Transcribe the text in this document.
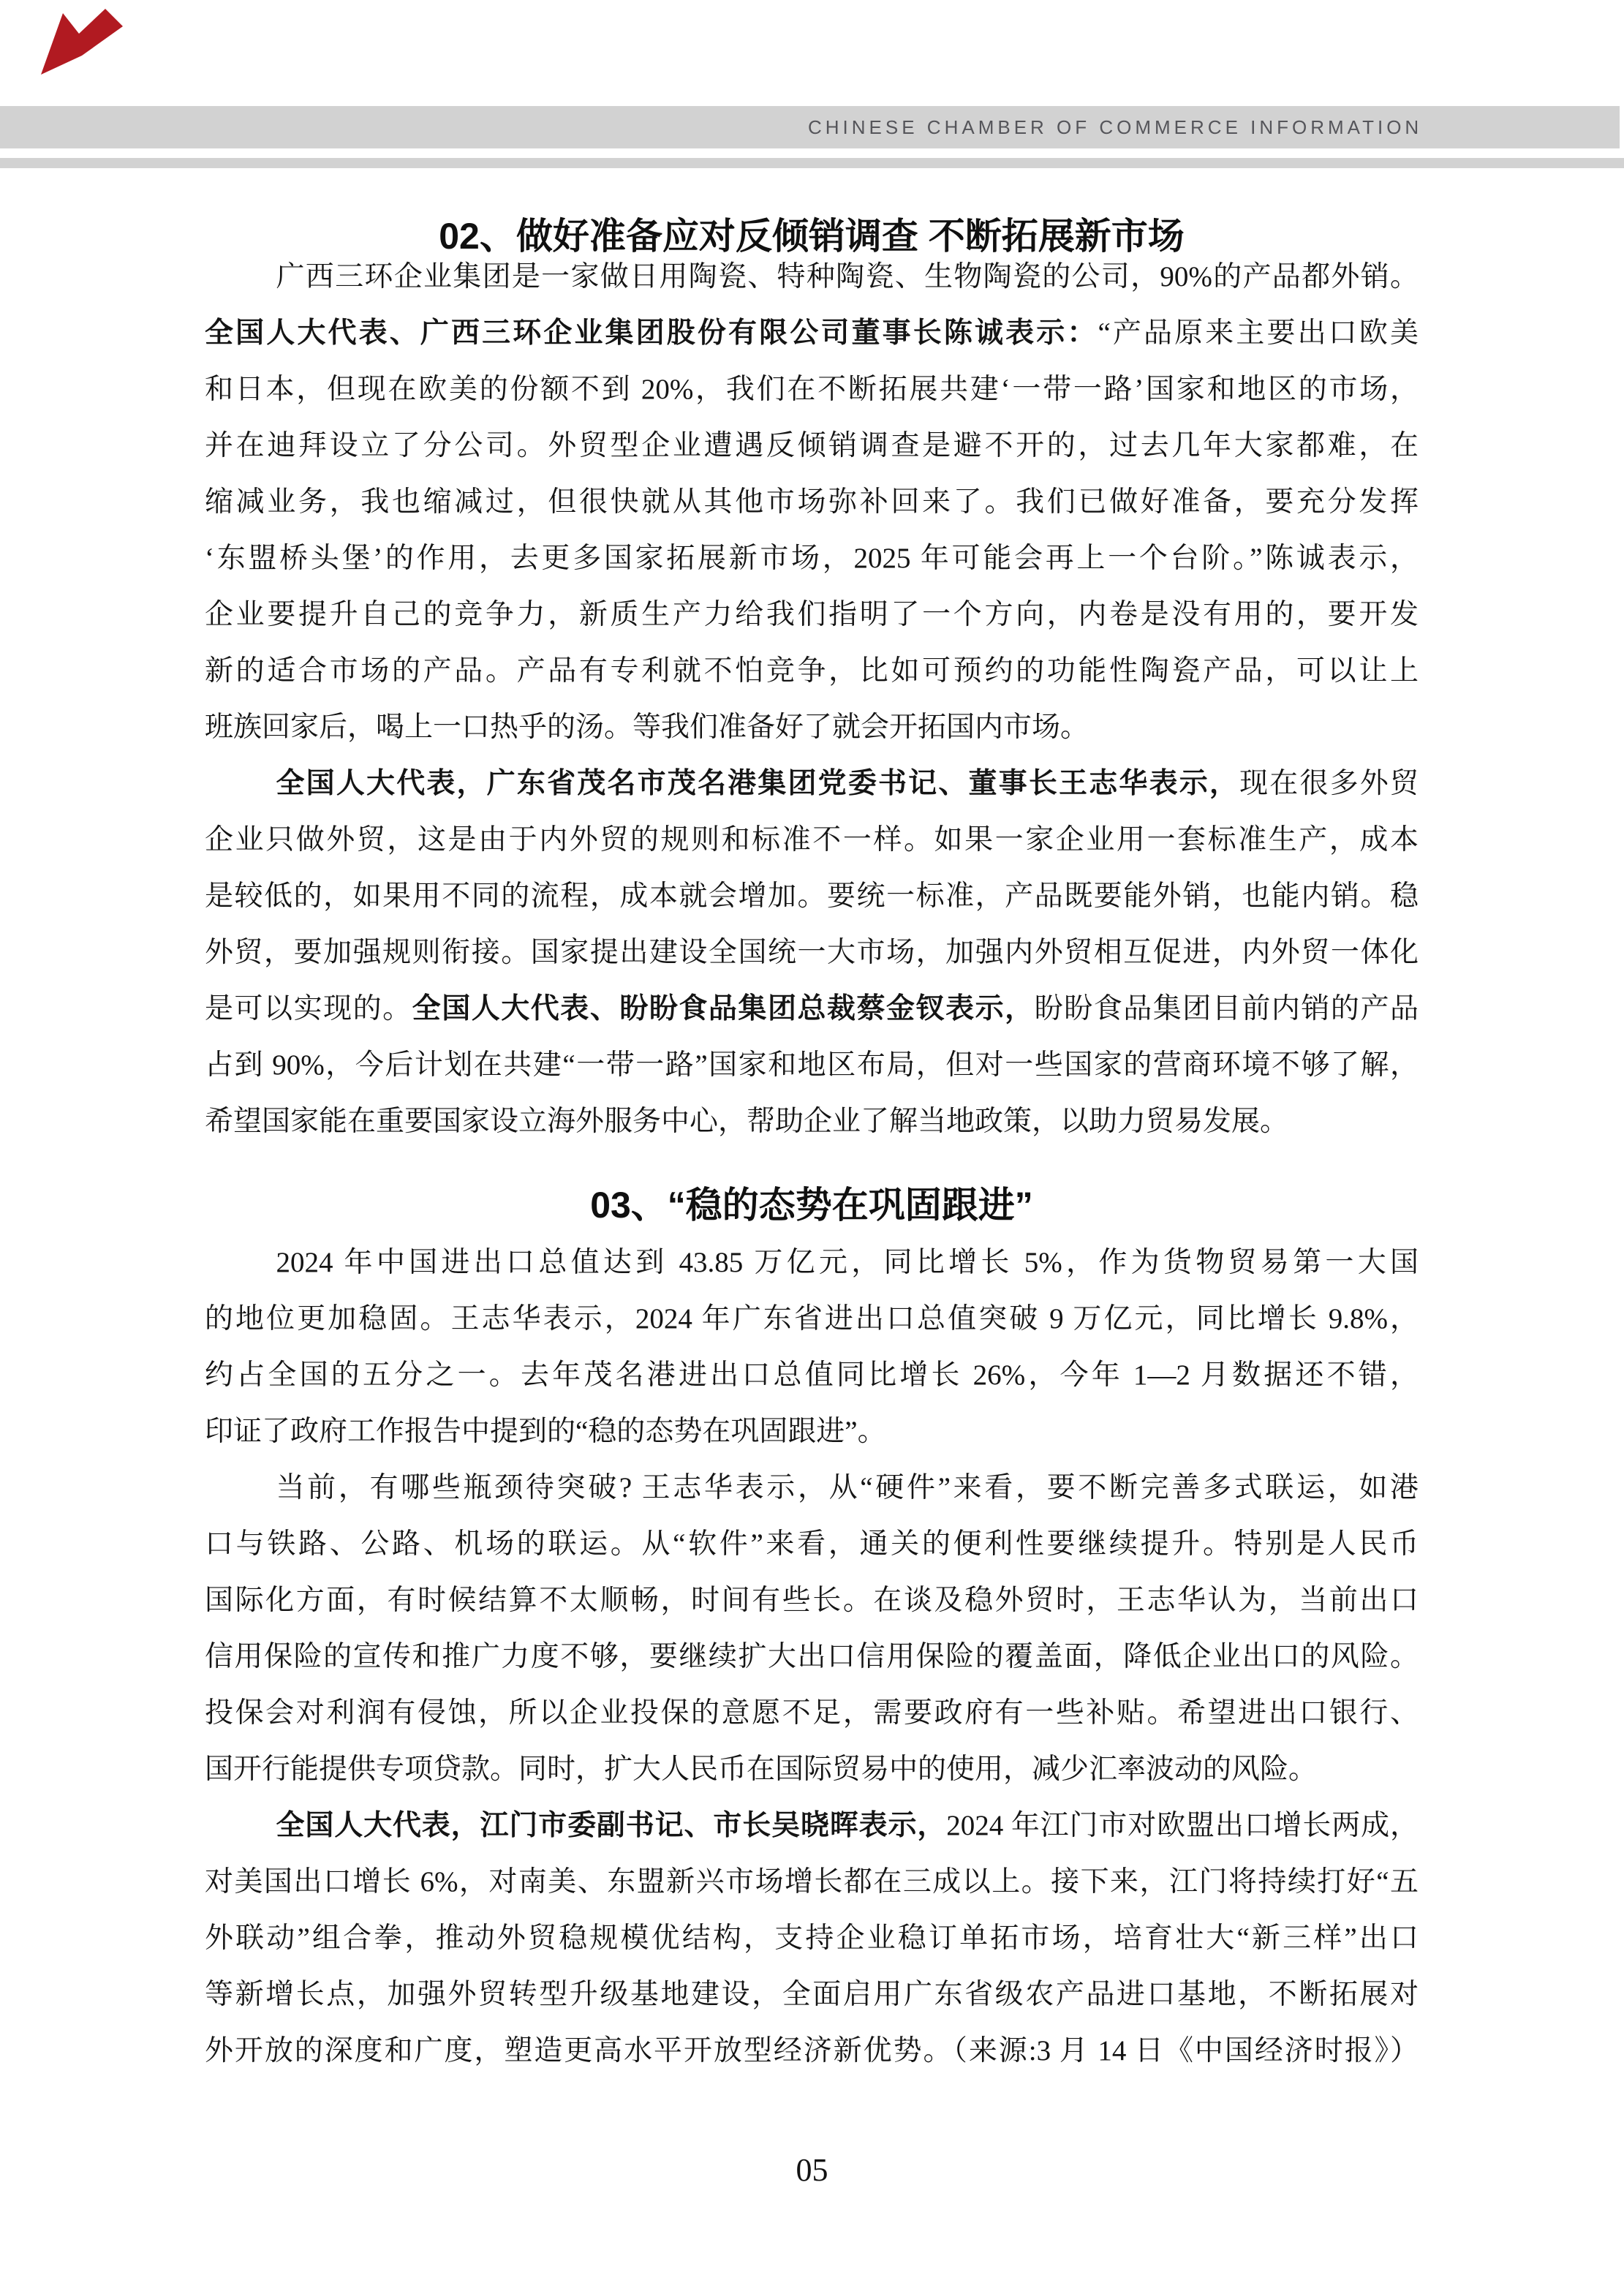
CHINESE CHAMBER OF COMMERCE INFORMATION
02、做好准备应对反倾销调查 不断拓展新市场
广西三环企业集团是一家做日用陶瓷、特种陶瓷、生物陶瓷的公司，90%的产品都外销。
全国人大代表、广西三环企业集团股份有限公司董事长陈诚表示：“产品原来主要出口欧美
和日本，但现在欧美的份额不到 20%，我们在不断拓展共建‘一带一路’国家和地区的市场，
并在迪拜设立了分公司。外贸型企业遭遇反倾销调查是避不开的，过去几年大家都难，在
缩减业务，我也缩减过，但很快就从其他市场弥补回来了。我们已做好准备，要充分发挥
‘东盟桥头堡’的作用，去更多国家拓展新市场，2025 年可能会再上一个台阶。”陈诚表示，
企业要提升自己的竞争力，新质生产力给我们指明了一个方向，内卷是没有用的，要开发
新的适合市场的产品。产品有专利就不怕竞争，比如可预约的功能性陶瓷产品，可以让上
班族回家后，喝上一口热乎的汤。等我们准备好了就会开拓国内市场。
全国人大代表，广东省茂名市茂名港集团党委书记、董事长王志华表示，现在很多外贸
企业只做外贸，这是由于内外贸的规则和标准不一样。如果一家企业用一套标准生产，成本
是较低的，如果用不同的流程，成本就会增加。要统一标准，产品既要能外销，也能内销。稳
外贸，要加强规则衔接。国家提出建设全国统一大市场，加强内外贸相互促进，内外贸一体化
是可以实现的。全国人大代表、盼盼食品集团总裁蔡金钗表示，盼盼食品集团目前内销的产品
占到 90%，今后计划在共建“一带一路”国家和地区布局，但对一些国家的营商环境不够了解，
希望国家能在重要国家设立海外服务中心，帮助企业了解当地政策，以助力贸易发展。
03、“稳的态势在巩固跟进”
2024 年中国进出口总值达到 43.85 万亿元，同比增长 5%，作为货物贸易第一大国
的地位更加稳固。王志华表示，2024 年广东省进出口总值突破 9 万亿元，同比增长 9.8%，
约占全国的五分之一。去年茂名港进出口总值同比增长 26%，今年 1—2 月数据还不错，
印证了政府工作报告中提到的“稳的态势在巩固跟进”。
当前，有哪些瓶颈待突破? 王志华表示，从“硬件”来看，要不断完善多式联运，如港
口与铁路、公路、机场的联运。从“软件”来看，通关的便利性要继续提升。特别是人民币
国际化方面，有时候结算不太顺畅，时间有些长。在谈及稳外贸时，王志华认为，当前出口
信用保险的宣传和推广力度不够，要继续扩大出口信用保险的覆盖面，降低企业出口的风险。
投保会对利润有侵蚀，所以企业投保的意愿不足，需要政府有一些补贴。希望进出口银行、
国开行能提供专项贷款。同时，扩大人民币在国际贸易中的使用，减少汇率波动的风险。
全国人大代表，江门市委副书记、市长吴晓晖表示，2024 年江门市对欧盟出口增长两成，
对美国出口增长 6%，对南美、东盟新兴市场增长都在三成以上。接下来，江门将持续打好“五
外联动”组合拳，推动外贸稳规模优结构，支持企业稳订单拓市场，培育壮大“新三样”出口
等新增长点，加强外贸转型升级基地建设，全面启用广东省级农产品进口基地，不断拓展对
外开放的深度和广度，塑造更高水平开放型经济新优势。（来源:3 月 14 日《中国经济时报》）
05
